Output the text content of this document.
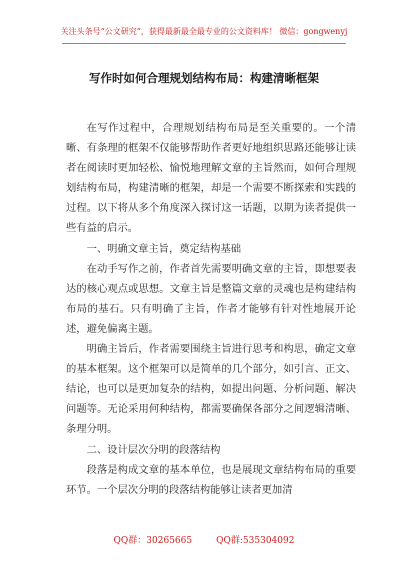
关注头条号“公文研究”，获得最新最全最专业的公文资料库！ 微信：gongwenyj
写作时如何合理规划结构布局：构建清晰框架

在写作过程中，合理规划结构布局是至关重要的。一个清晰、有条理的框架不仅能够帮助作者更好地组织思路还能够让读者在阅读时更加轻松、愉悦地理解文章的主旨然而，如何合理规划结构布局，构建清晰的框架，却是一个需要不断探索和实践的过程。以下将从多个角度深入探讨这一话题，以期为读者提供一些有益的启示。

一、明确文章主旨，奠定结构基础

在动手写作之前，作者首先需要明确文章的主旨，即想要表达的核心观点或思想。文章主旨是整篇文章的灵魂也是构建结构布局的基石。只有明确了主旨，作者才能够有针对性地展开论述，避免偏离主题。

明确主旨后，作者需要围绕主旨进行思考和构思，确定文章的基本框架。这个框架可以是简单的几个部分，如引言、正文、结论，也可以是更加复杂的结构，如提出问题、分析问题、解决问题等。无论采用何种结构，都需要确保各部分之间逻辑清晰、条理分明。

二、设计层次分明的段落结构

段落是构成文章的基本单位，也是展现文章结构布局的重要环节。一个层次分明的段落结构能够让读者更加清

QQ群：30265665	QQ群:535304092
